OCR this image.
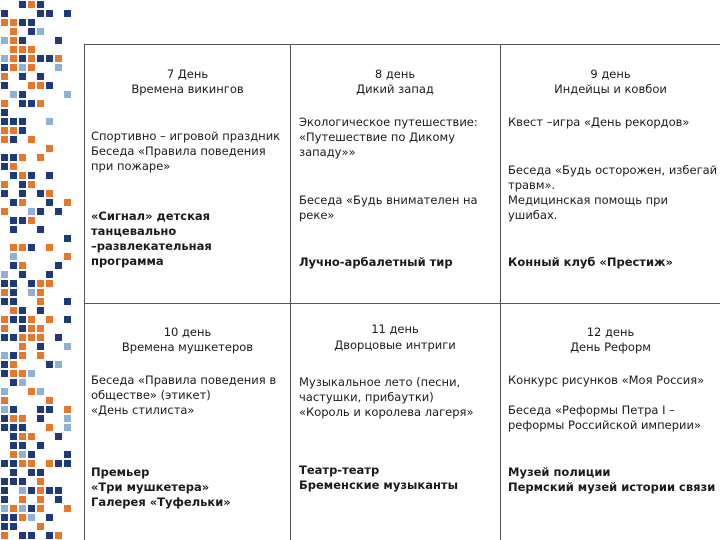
7 День
Времена викингов
Спортивно – игровой праздник
Беседа «Правила поведения
при пожаре»
«Сигнал» детская танцевально
–развлекательная программа
8 день
Дикий запад
Экологическое путешествие:
«Путешествие по Дикому
западу»»
Беседа «Будь внимателен на
реке»
Лучно-арбалетный тир
9 день
Индейцы и ковбои
Квест –игра «День рекордов»
Беседа «Будь осторожен, избегай
травм».
Медицинская помощь при
ушибах.
Конный клуб «Престиж»
10 день
Времена мушкетеров
Беседа «Правила поведения в
обществе» (этикет)
«День стилиста»
Премьер
«Три мушкетера»
Галерея «Туфельки»
11 день
Дворцовые интриги
Музыкальное лето (песни,
частушки, прибаутки)
«Король и королева лагеря»
Театр-театр
Бременские музыканты
12 день
День Реформ
Конкурс рисунков «Моя Россия»
Беседа «Реформы Петра I –
реформы Российской империи»
Музей полиции
Пермский музей истории связи
